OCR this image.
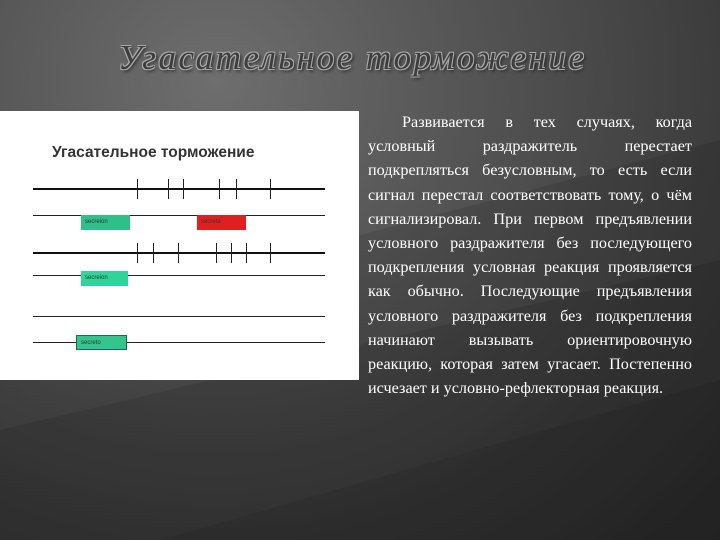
Угасательное торможение
Угасательное торможение
secreion	secreta
secreion
secreto

Развивается в тех случаях, когда условный раздражитель перестает подкрепляться безусловным, то есть если сигнал перестал соответствовать тому, о чём сигнализировал. При первом предъявлении условного раздражителя без последующего подкрепления условная реакция проявляется как обычно. Последующие предъявления условного раздражителя без подкрепления начинают вызывать ориентировочную реакцию, которая затем угасает. Постепенно исчезает и условно-рефлекторная реакция.
